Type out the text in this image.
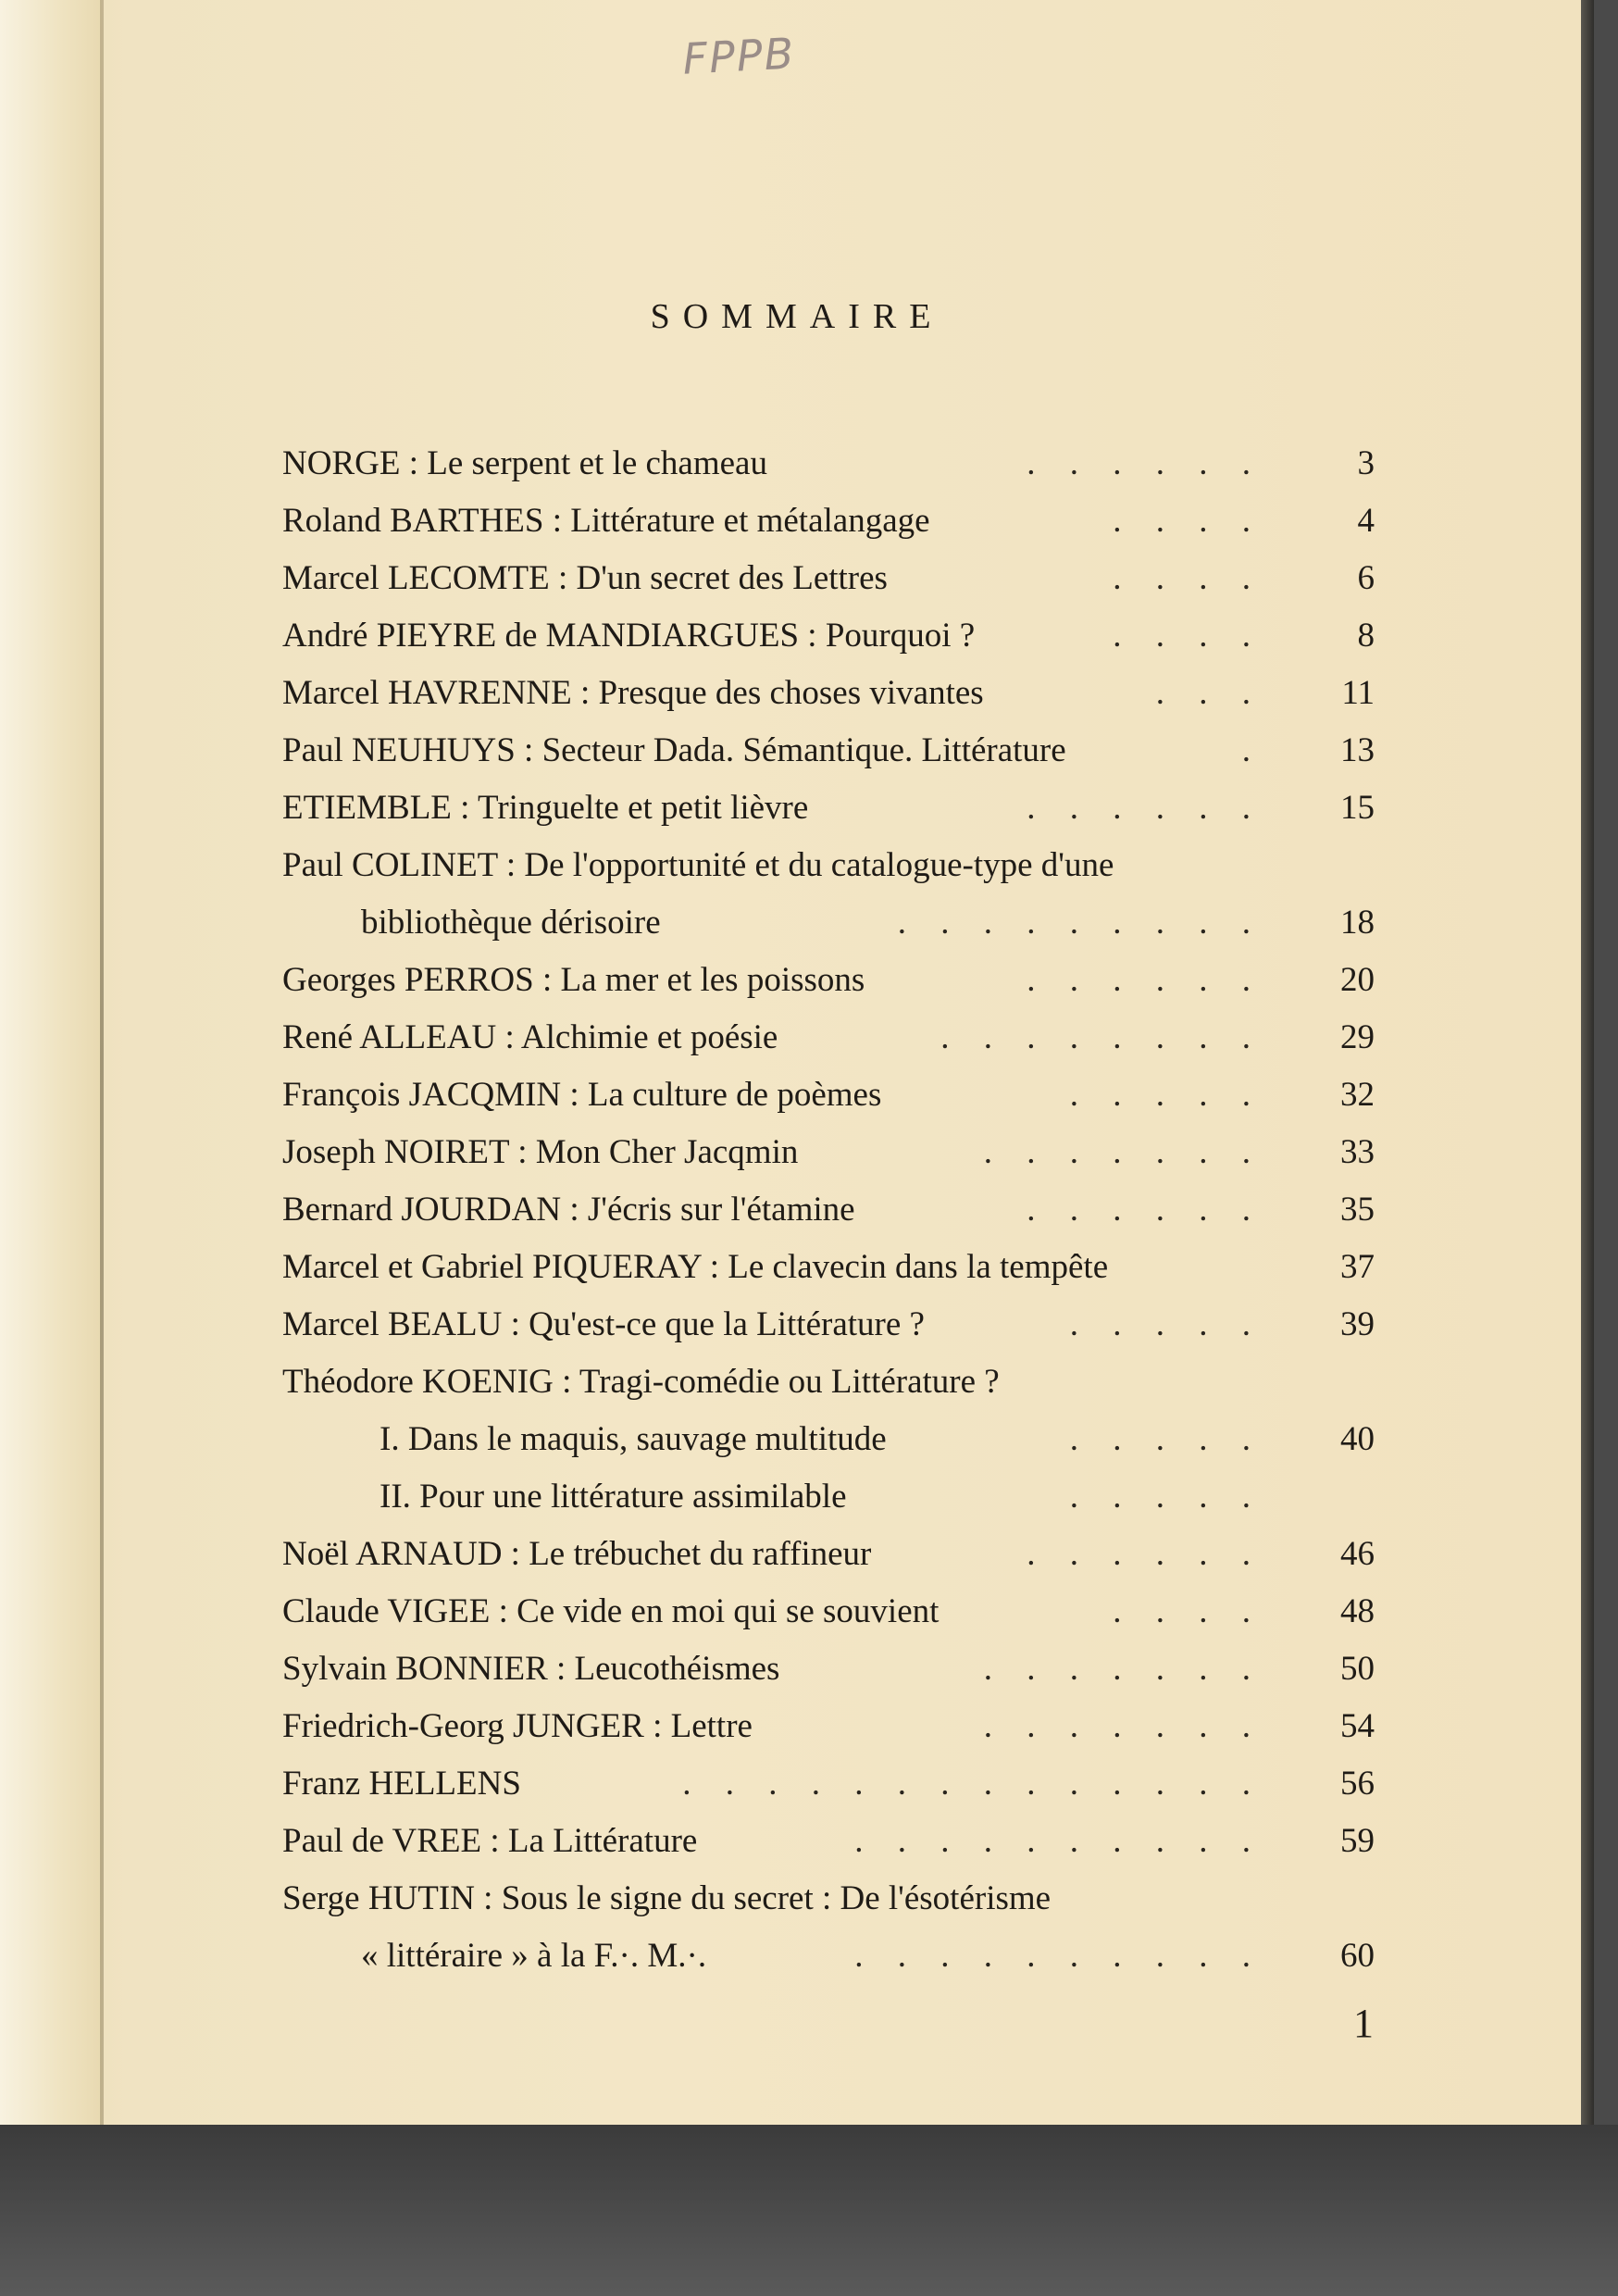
FPPB
SOMMAIRE
NORGE : Le serpent et le chameau	. . . . . .	3
Roland BARTHES : Littérature et métalangage	. . . .	4
Marcel LECOMTE : D'un secret des Lettres	. . . .	6
André PIEYRE de MANDIARGUES : Pourquoi ?	. . . .	8
Marcel HAVRENNE : Presque des choses vivantes	. . .	11
Paul NEUHUYS : Secteur Dada. Sémantique. Littérature	.	13
ETIEMBLE : Tringuelte et petit lièvre	. . . . . .	15
Paul COLINET : De l'opportunité et du catalogue-type d'une
bibliothèque dérisoire	. . . . . . . . .	18
Georges PERROS : La mer et les poissons	. . . . . .	20
René ALLEAU : Alchimie et poésie	. . . . . . . .	29
François JACQMIN : La culture de poèmes	. . . . .	32
Joseph NOIRET : Mon Cher Jacqmin	. . . . . . .	33
Bernard JOURDAN : J'écris sur l'étamine	. . . . . .	35
Marcel et Gabriel PIQUERAY : Le clavecin dans la tempête	37
Marcel BEALU : Qu'est-ce que la Littérature ?	. . . . .	39
Théodore KOENIG : Tragi-comédie ou Littérature ?
I. Dans le maquis, sauvage multitude	. . . . .	40
II. Pour une littérature assimilable	. . . . .
Noël ARNAUD : Le trébuchet du raffineur	. . . . . .	46
Claude VIGEE : Ce vide en moi qui se souvient	. . . .	48
Sylvain BONNIER : Leucothéismes	. . . . . . .	50
Friedrich-Georg JUNGER : Lettre	. . . . . . .	54
Franz HELLENS	. . . . . . . . . . . . . .	56
Paul de VREE : La Littérature	. . . . . . . . . .	59
Serge HUTIN : Sous le signe du secret : De l'ésotérisme
« littéraire » à la F.·. M.·.	. . . . . . . . . .	60
1
